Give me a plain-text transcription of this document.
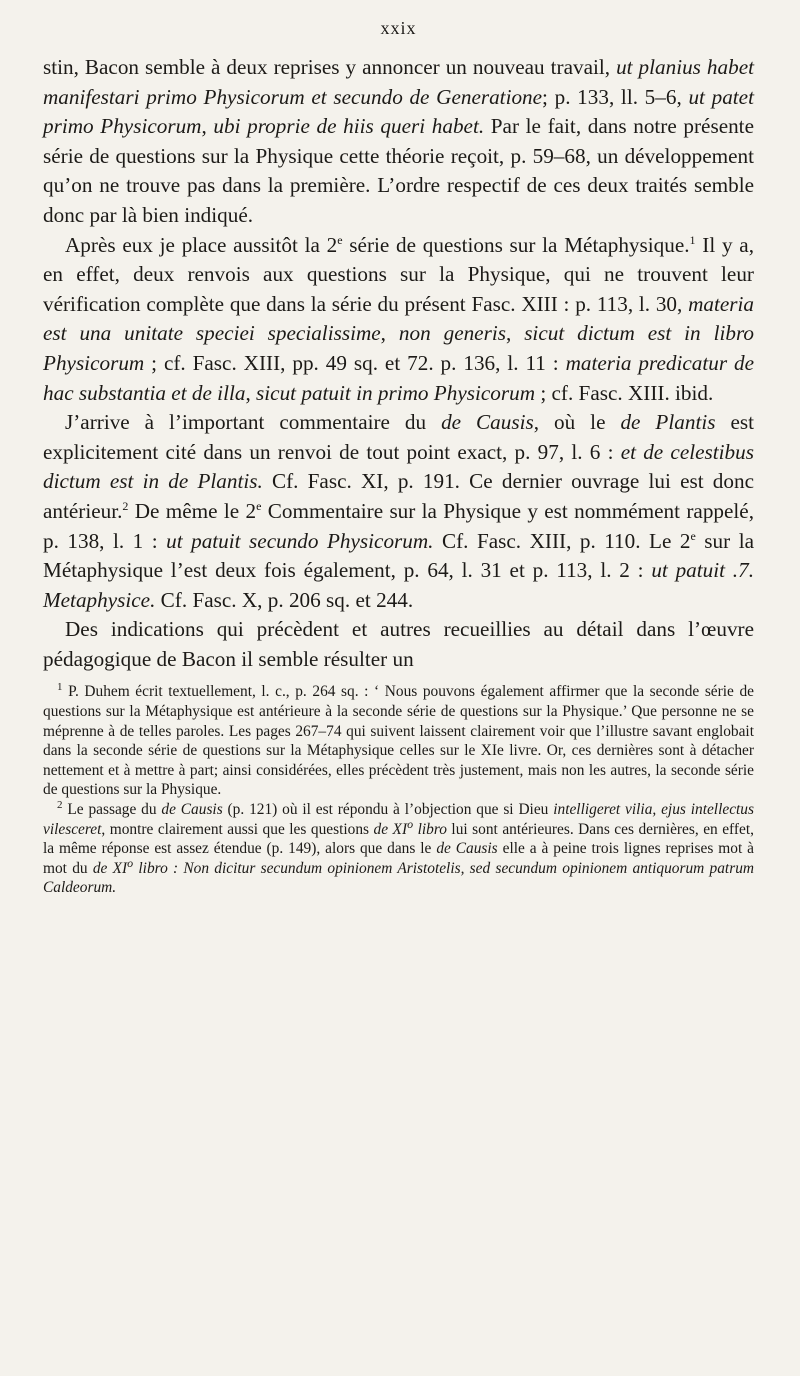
xxix

stin, Bacon semble à deux reprises y annoncer un nouveau travail, ut planius habet manifestari primo Physicorum et secundo de Generatione; p. 133, ll. 5–6, ut patet primo Physicorum, ubi proprie de hiis queri habet. Par le fait, dans notre présente série de questions sur la Physique cette théorie reçoit, p. 59–68, un développement qu’on ne trouve pas dans la première. L’ordre respectif de ces deux traités semble donc par là bien indiqué.

Après eux je place aussitôt la 2e série de questions sur la Métaphysique.$^1$ Il y a, en effet, deux renvois aux questions sur la Physique, qui ne trouvent leur vérification complète que dans la série du présent Fasc. XIII : p. 113, l. 30, materia est una unitate speciei specialissime, non generis, sicut dictum est in libro Physicorum ; cf. Fasc. XIII, pp. 49 sq. et 72. p. 136, l. 11 : materia predicatur de hac substantia et de illa, sicut patuit in primo Physicorum ; cf. Fasc. XIII. ibid.

J’arrive à l’important commentaire du de Causis, où le de Plantis est explicitement cité dans un renvoi de tout point exact, p. 97, l. 6 : et de celestibus dictum est in de Plantis. Cf. Fasc. XI, p. 191. Ce dernier ouvrage lui est donc antérieur.$^2$ De même le 2e Commentaire sur la Physique y est nommément rappelé, p. 138, l. 1 : ut patuit secundo Physicorum. Cf. Fasc. XIII, p. 110. Le 2e sur la Métaphysique l’est deux fois également, p. 64, l. 31 et p. 113, l. 2 : ut patuit .7. Metaphysice. Cf. Fasc. X, p. 206 sq. et 244.

Des indications qui précèdent et autres recueillies au détail dans l’œuvre pédagogique de Bacon il semble résulter un

$^1$ P. Duhem écrit textuellement, l. c., p. 264 sq. : ‘ Nous pouvons également affirmer que la seconde série de questions sur la Métaphysique est antérieure à la seconde série de questions sur la Physique.’ Que personne ne se méprenne à de telles paroles. Les pages 267–74 qui suivent laissent clairement voir que l’illustre savant englobait dans la seconde série de questions sur la Métaphysique celles sur le XIe livre. Or, ces dernières sont à détacher nettement et à mettre à part; ainsi considérées, elles précèdent très justement, mais non les autres, la seconde série de questions sur la Physique.

$^2$ Le passage du de Causis (p. 121) où il est répondu à l’objection que si Dieu intelligeret vilia, ejus intellectus vilesceret, montre clairement aussi que les questions de $XI^o$ libro lui sont antérieures. Dans ces dernières, en effet, la même réponse est assez étendue (p. 149), alors que dans le de Causis elle a à peine trois lignes reprises mot à mot du de $XI^o$ libro : Non dicitur secundum opinionem Aristotelis, sed secundum opinionem antiquorum patrum Caldeorum.
